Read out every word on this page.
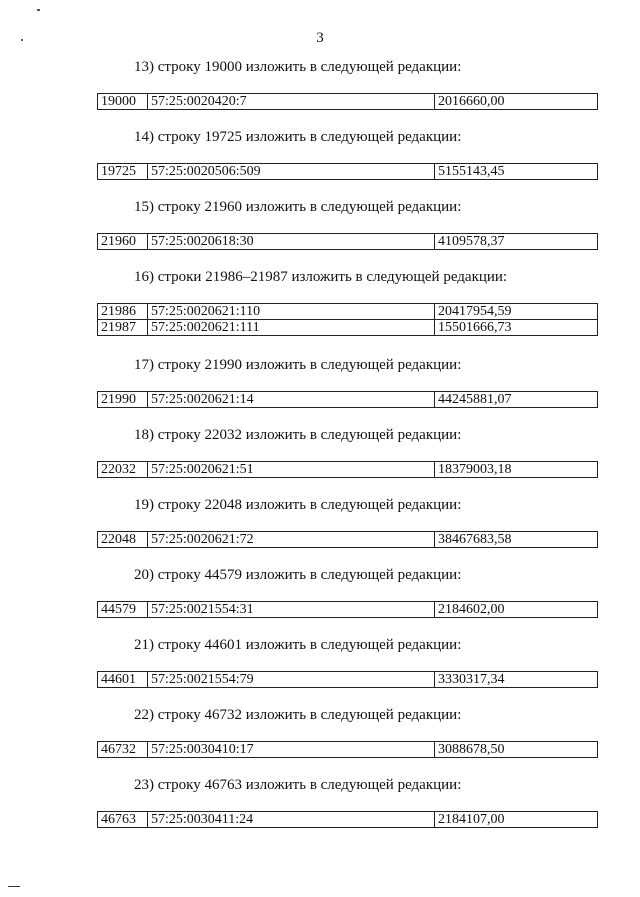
3
13) строку 19000 изложить в следующей редакции:
19000	57:25:0020420:7	2016660,00
14) строку 19725 изложить в следующей редакции:
19725	57:25:0020506:509	5155143,45
15) строку 21960 изложить в следующей редакции:
21960	57:25:0020618:30	4109578,37
16) строки 21986–21987 изложить в следующей редакции:
21986	57:25:0020621:110	20417954,59
21987	57:25:0020621:111	15501666,73
17) строку 21990 изложить в следующей редакции:
21990	57:25:0020621:14	44245881,07
18) строку 22032 изложить в следующей редакции:
22032	57:25:0020621:51	18379003,18
19) строку 22048 изложить в следующей редакции:
22048	57:25:0020621:72	38467683,58
20) строку 44579 изложить в следующей редакции:
44579	57:25:0021554:31	2184602,00
21) строку 44601 изложить в следующей редакции:
44601	57:25:0021554:79	3330317,34
22) строку 46732 изложить в следующей редакции:
46732	57:25:0030410:17	3088678,50
23) строку 46763 изложить в следующей редакции:
46763	57:25:0030411:24	2184107,00
